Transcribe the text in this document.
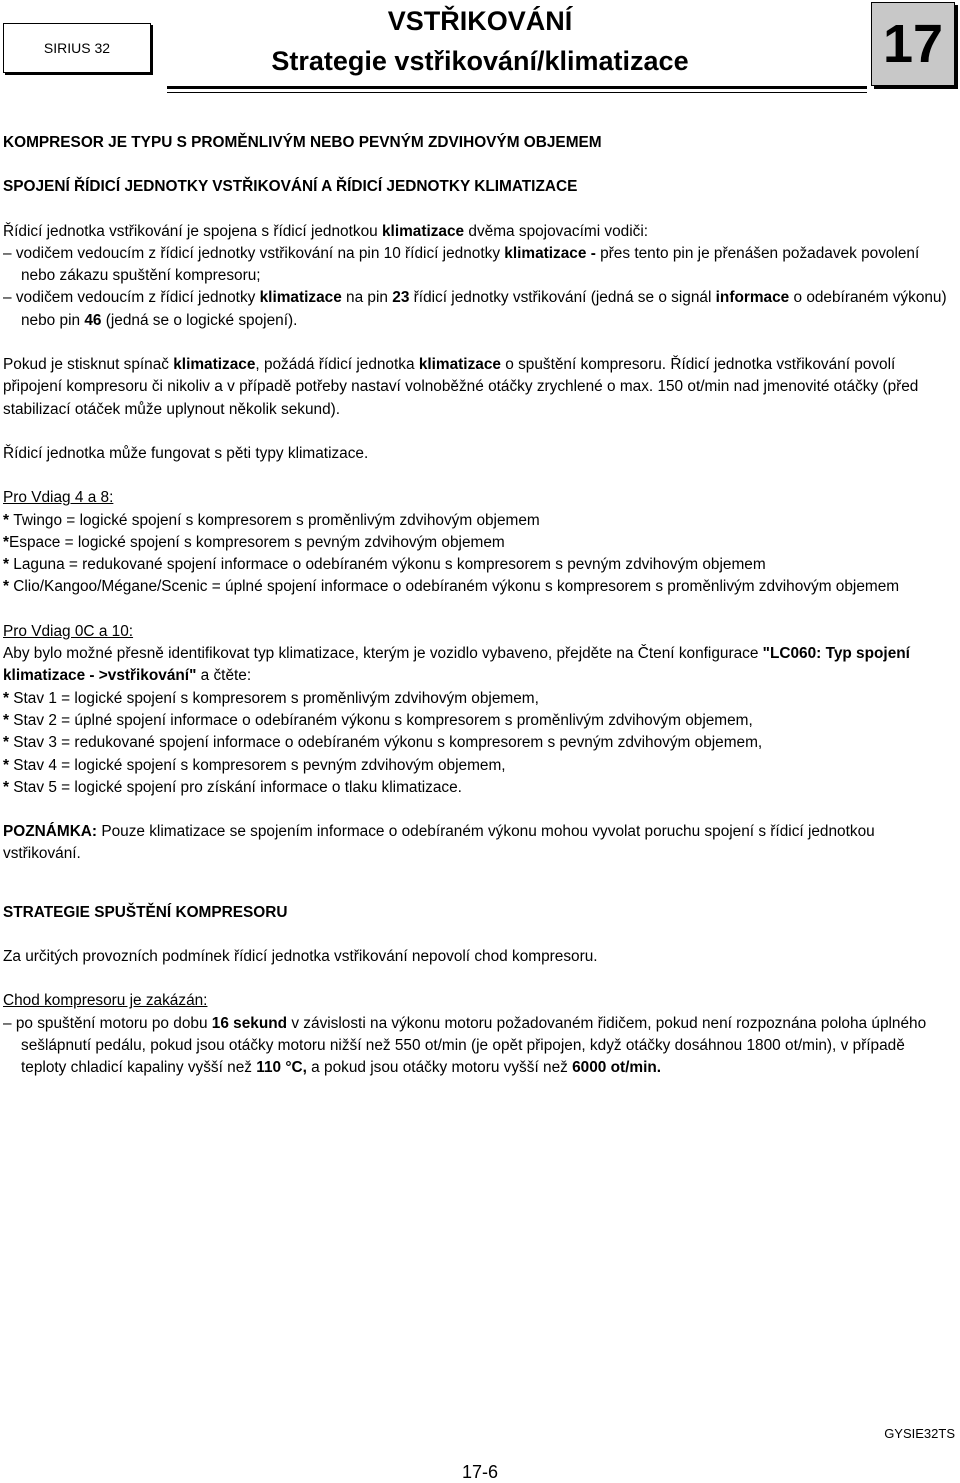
SIRIUS 32
VSTŘIKOVÁNÍ
Strategie vstřikování/klimatizace	17

KOMPRESOR JE TYPU S PROMĚNLIVÝM NEBO PEVNÝM ZDVIHOVÝM OBJEMEM

SPOJENÍ ŘÍDICÍ JEDNOTKY VSTŘIKOVÁNÍ A ŘÍDICÍ JEDNOTKY KLIMATIZACE

Řídicí jednotka vstřikování je spojena s řídicí jednotkou klimatizace dvěma spojovacími vodiči:

– vodičem vedoucím z řídicí jednotky vstřikování na pin 10 řídicí jednotky klimatizace - přes tento pin je přenášen požadavek povolení nebo zákazu spuštění kompresoru;

– vodičem vedoucím z řídicí jednotky klimatizace na pin 23 řídicí jednotky vstřikování (jedná se o signál informace o odebíraném výkonu) nebo pin 46 (jedná se o logické spojení).

Pokud je stisknut spínač klimatizace, požádá řídicí jednotka klimatizace o spuštění kompresoru. Řídicí jednotka vstřikování povolí připojení kompresoru či nikoliv a v případě potřeby nastaví volnoběžné otáčky zrychlené o max. 150 ot/min nad jmenovité otáčky (před stabilizací otáček může uplynout několik sekund).

Řídicí jednotka může fungovat s pěti typy klimatizace.

Pro Vdiag 4 a 8:

* Twingo = logické spojení s kompresorem s proměnlivým zdvihovým objemem

*Espace = logické spojení s kompresorem s pevným zdvihovým objemem

* Laguna = redukované spojení informace o odebíraném výkonu s kompresorem s pevným zdvihovým objemem

* Clio/Kangoo/Mégane/Scenic = úplné spojení informace o odebíraném výkonu s kompresorem s proměnlivým zdvihovým objemem

Pro Vdiag 0C a 10:

Aby bylo možné přesně identifikovat typ klimatizace, kterým je vozidlo vybaveno, přejděte na Čtení konfigurace "LC060: Typ spojení klimatizace - >vstřikování" a čtěte:

* Stav 1 = logické spojení s kompresorem s proměnlivým zdvihovým objemem,

* Stav 2 = úplné spojení informace o odebíraném výkonu s kompresorem s proměnlivým zdvihovým objemem,

* Stav 3 = redukované spojení informace o odebíraném výkonu s kompresorem s pevným zdvihovým objemem,

* Stav 4 = logické spojení s kompresorem s pevným zdvihovým objemem,

* Stav 5 = logické spojení pro získání informace o tlaku klimatizace.

POZNÁMKA: Pouze klimatizace se spojením informace o odebíraném výkonu mohou vyvolat poruchu spojení s řídicí jednotkou vstřikování.

STRATEGIE SPUŠTĚNÍ KOMPRESORU

Za určitých provozních podmínek řídicí jednotka vstřikování nepovolí chod kompresoru.

Chod kompresoru je zakázán:

– po spuštění motoru po dobu 16 sekund v závislosti na výkonu motoru požadovaném řidičem, pokud není rozpoznána poloha úplného sešlápnutí pedálu, pokud jsou otáčky motoru nižší než 550 ot/min (je opět připojen, když otáčky dosáhnou 1800 ot/min), v případě teploty chladicí kapaliny vyšší než 110 °C, a pokud jsou otáčky motoru vyšší než 6000 ot/min.

GYSIE32TS
17-6
